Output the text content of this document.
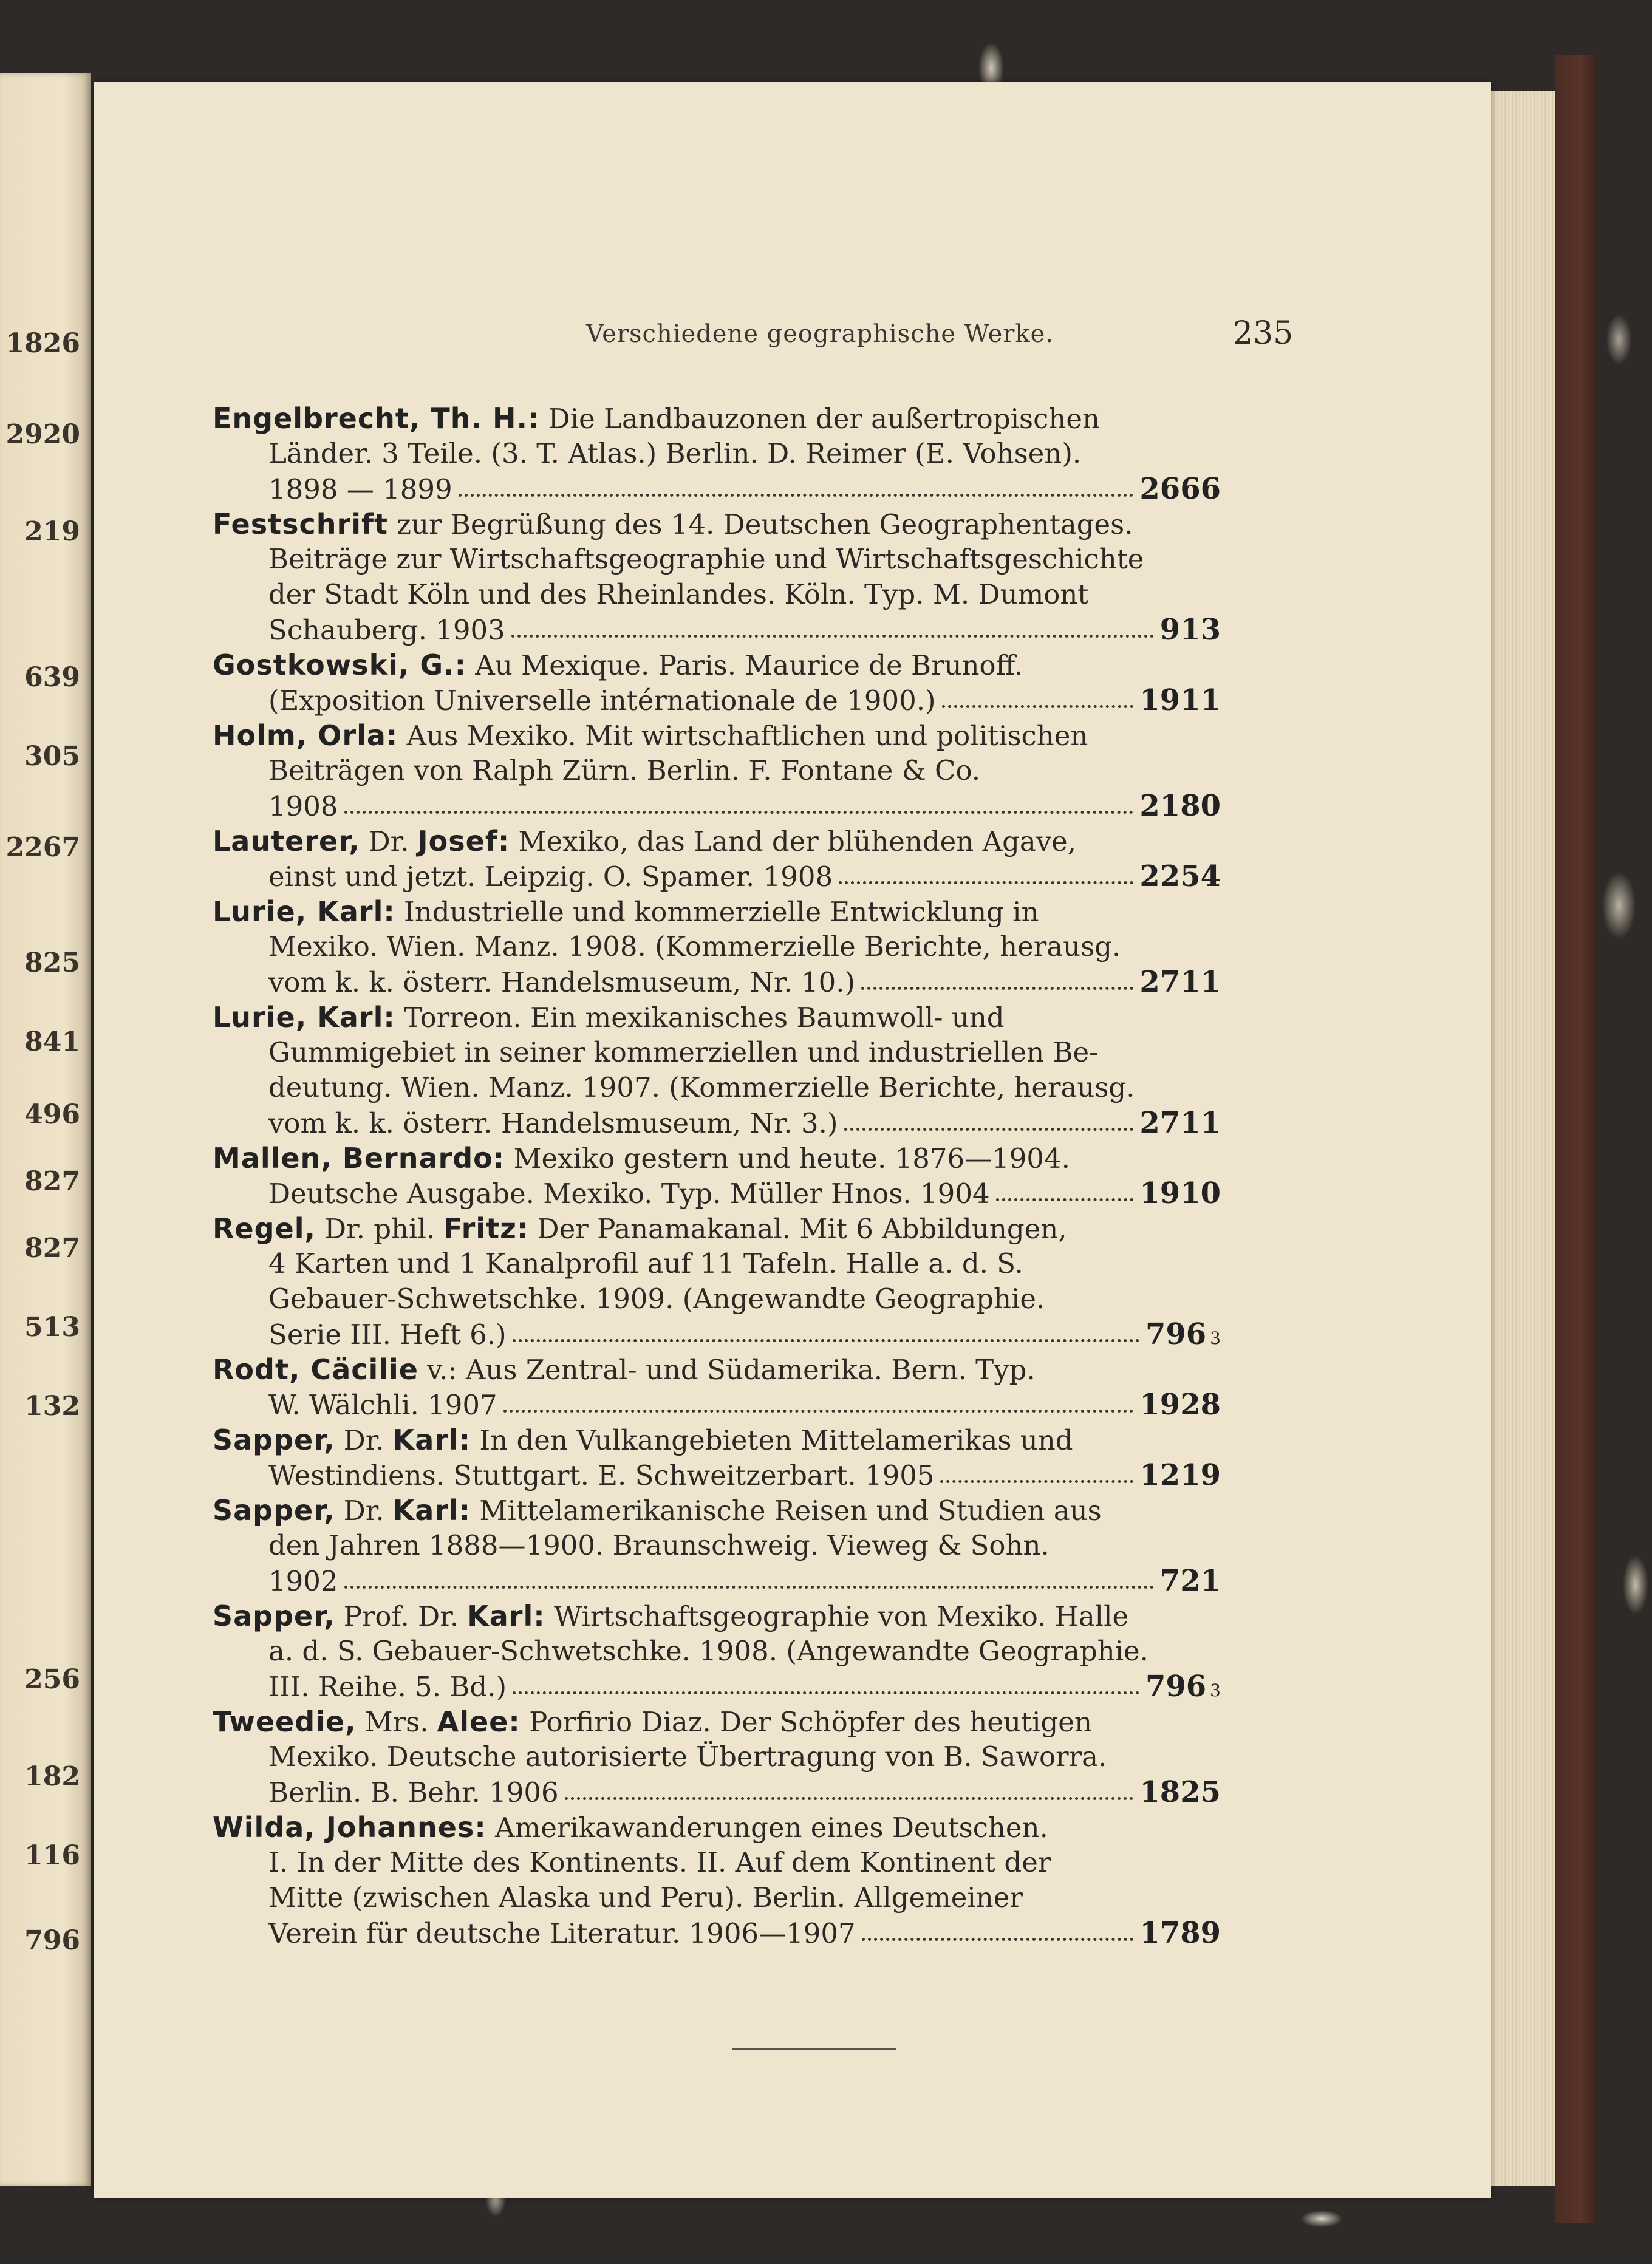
1826
2920
219
639
305
2267
825
841
496
827
827
513
132
256
182
116
796
Verschiedene geographische Werke.	235
Engelbrecht, Th. H.: Die Landbauzonen der außertropischen
Länder. 3 Teile. (3. T. Atlas.) Berlin. D. Reimer (E. Vohsen).
1898 — 1899	2666
Festschrift zur Begrüßung des 14. Deutschen Geographentages.
Beiträge zur Wirtschaftsgeographie und Wirtschaftsgeschichte
der Stadt Köln und des Rheinlandes. Köln. Typ. M. Dumont
Schauberg. 1903	913
Gostkowski, G.: Au Mexique. Paris. Maurice de Brunoff.
(Exposition Universelle intérnationale de 1900.)	1911
Holm, Orla: Aus Mexiko. Mit wirtschaftlichen und politischen
Beiträgen von Ralph Zürn. Berlin. F. Fontane & Co.
1908	2180
Lauterer, Dr. Josef: Mexiko, das Land der blühenden Agave,
einst und jetzt. Leipzig. O. Spamer. 1908	2254
Lurie, Karl: Industrielle und kommerzielle Entwicklung in
Mexiko. Wien. Manz. 1908. (Kommerzielle Berichte, herausg.
vom k. k. österr. Handelsmuseum, Nr. 10.)	2711
Lurie, Karl: Torreon. Ein mexikanisches Baumwoll- und
Gummigebiet in seiner kommerziellen und industriellen Be-
deutung. Wien. Manz. 1907. (Kommerzielle Berichte, herausg.
vom k. k. österr. Handelsmuseum, Nr. 3.)	2711
Mallen, Bernardo: Mexiko gestern und heute. 1876—1904.
Deutsche Ausgabe. Mexiko. Typ. Müller Hnos. 1904	1910
Regel, Dr. phil. Fritz: Der Panamakanal. Mit 6 Abbildungen,
4 Karten und 1 Kanalprofil auf 11 Tafeln. Halle a. d. S.
Gebauer-Schwetschke. 1909. (Angewandte Geographie.
Serie III. Heft 6.)	796 3
Rodt, Cäcilie v.: Aus Zentral- und Südamerika. Bern. Typ.
W. Wälchli. 1907	1928
Sapper, Dr. Karl: In den Vulkangebieten Mittelamerikas und
Westindiens. Stuttgart. E. Schweitzerbart. 1905	1219
Sapper, Dr. Karl: Mittelamerikanische Reisen und Studien aus
den Jahren 1888—1900. Braunschweig. Vieweg & Sohn.
1902	721
Sapper, Prof. Dr. Karl: Wirtschaftsgeographie von Mexiko. Halle
a. d. S. Gebauer-Schwetschke. 1908. (Angewandte Geographie.
III. Reihe. 5. Bd.)	796 3
Tweedie, Mrs. Alee: Porfirio Diaz. Der Schöpfer des heutigen
Mexiko. Deutsche autorisierte Übertragung von B. Saworra.
Berlin. B. Behr. 1906	1825
Wilda, Johannes: Amerikawanderungen eines Deutschen.
I. In der Mitte des Kontinents. II. Auf dem Kontinent der
Mitte (zwischen Alaska und Peru). Berlin. Allgemeiner
Verein für deutsche Literatur. 1906—1907	1789
